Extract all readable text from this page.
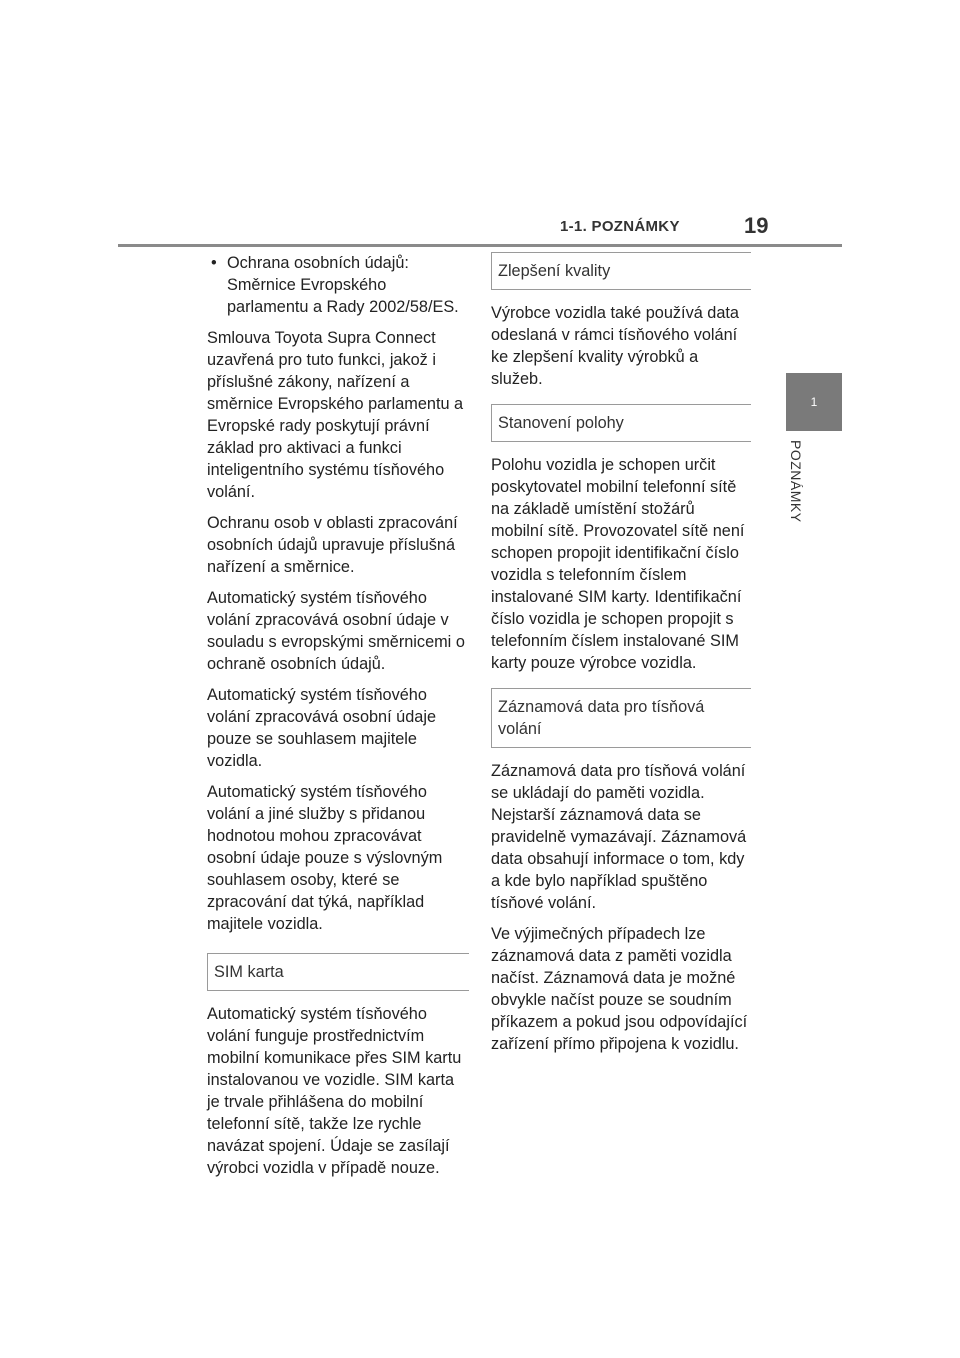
1-1. POZNÁMKY	19
1
POZNÁMKY
• Ochrana osobních údajů: Směrnice Evropského parlamentu a Rady 2002/58/ES.

Smlouva Toyota Supra Connect uzavřená pro tuto funkci, jakož i příslušné zákony, nařízení a směrnice Evropského parlamentu a Evropské rady poskytují právní základ pro aktivaci a funkci inteligentního systému tísňového volání.

Ochranu osob v oblasti zpracování osobních údajů upravuje příslušná nařízení a směrnice.

Automatický systém tísňového volání zpracovává osobní údaje v souladu s evropskými směrnicemi o ochraně osobních údajů.

Automatický systém tísňového volání zpracovává osobní údaje pouze se souhlasem majitele vozidla.

Automatický systém tísňového volání a jiné služby s přidanou hodnotou mohou zpracovávat osobní údaje pouze s výslovným souhlasem osoby, které se zpracování dat týká, například majitele vozidla.

SIM karta

Automatický systém tísňového volání funguje prostřednictvím mobilní komunikace přes SIM kartu instalovanou ve vozidle. SIM karta je trvale přihlášena do mobilní telefonní sítě, takže lze rychle navázat spojení. Údaje se zasílají výrobci vozidla v případě nouze.

Zlepšení kvality

Výrobce vozidla také používá data odeslaná v rámci tísňového volání ke zlepšení kvality výrobků a služeb.

Stanovení polohy

Polohu vozidla je schopen určit poskytovatel mobilní telefonní sítě na základě umístění stožárů mobilní sítě. Provozovatel sítě není schopen propojit identifikační číslo vozidla s telefonním číslem instalované SIM karty. Identifikační číslo vozidla je schopen propojit s telefonním číslem instalované SIM karty pouze výrobce vozidla.

Záznamová data pro tísňová volání

Záznamová data pro tísňová volání se ukládají do paměti vozidla. Nejstarší záznamová data se pravidelně vymazávají. Záznamová data obsahují informace o tom, kdy a kde bylo například spuštěno tísňové volání.

Ve výjimečných případech lze záznamová data z paměti vozidla načíst. Záznamová data je možné obvykle načíst pouze se soudním příkazem a pokud jsou odpovídající zařízení přímo připojena k vozidlu.
